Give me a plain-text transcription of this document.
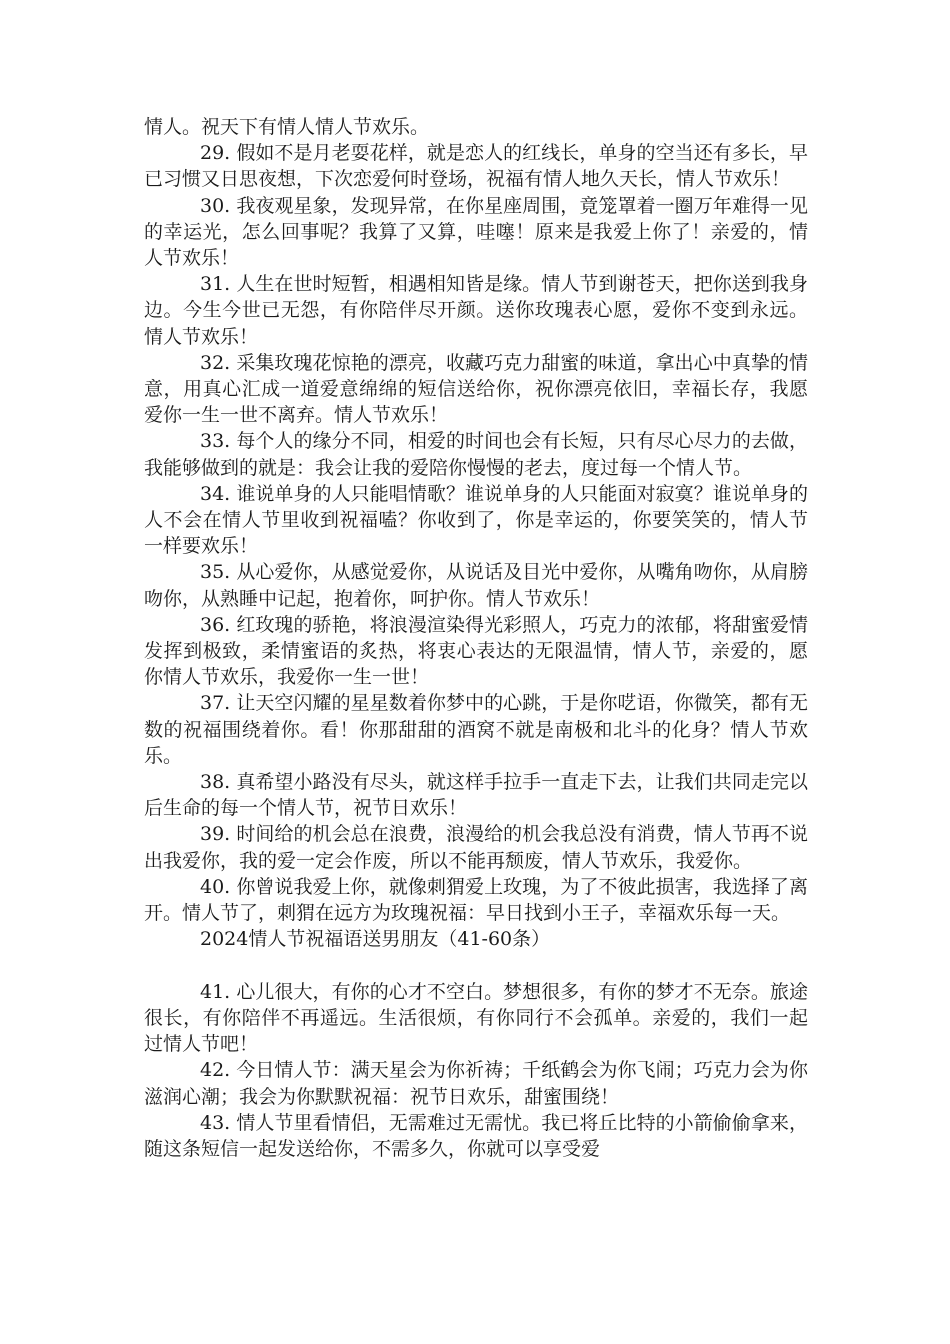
情人。祝天下有情人情人节欢乐。

29. 假如不是月老耍花样，就是恋人的红线长，单身的空当还有多长，早已习惯又日思夜想，下次恋爱何时登场，祝福有情人地久天长，情人节欢乐！

30. 我夜观星象，发现异常，在你星座周围，竟笼罩着一圈万年难得一见的幸运光，怎么回事呢？我算了又算，哇噻！原来是我爱上你了！亲爱的，情人节欢乐！

31. 人生在世时短暂，相遇相知皆是缘。情人节到谢苍天，把你送到我身边。今生今世已无怨，有你陪伴尽开颜。送你玫瑰表心愿，爱你不变到永远。情人节欢乐！

32. 采集玫瑰花惊艳的漂亮，收藏巧克力甜蜜的味道，拿出心中真挚的情意，用真心汇成一道爱意绵绵的短信送给你，祝你漂亮依旧，幸福长存，我愿爱你一生一世不离弃。情人节欢乐！

33. 每个人的缘分不同，相爱的时间也会有长短，只有尽心尽力的去做，我能够做到的就是：我会让我的爱陪你慢慢的老去，度过每一个情人节。

34. 谁说单身的人只能唱情歌？谁说单身的人只能面对寂寞？谁说单身的人不会在情人节里收到祝福嗑？你收到了，你是幸运的，你要笑笑的，情人节一样要欢乐！

35. 从心爱你，从感觉爱你，从说话及目光中爱你，从嘴角吻你，从肩膀吻你，从熟睡中记起，抱着你，呵护你。情人节欢乐！

36. 红玫瑰的骄艳，将浪漫渲染得光彩照人，巧克力的浓郁，将甜蜜爱情发挥到极致，柔情蜜语的炙热，将衷心表达的无限温情，情人节，亲爱的，愿你情人节欢乐，我爱你一生一世！

37. 让天空闪耀的星星数着你梦中的心跳，于是你呓语，你微笑，都有无数的祝福围绕着你。看！你那甜甜的酒窝不就是南极和北斗的化身？情人节欢乐。

38. 真希望小路没有尽头，就这样手拉手一直走下去，让我们共同走完以后生命的每一个情人节，祝节日欢乐！

39. 时间给的机会总在浪费，浪漫给的机会我总没有消费，情人节再不说出我爱你，我的爱一定会作废，所以不能再颓废，情人节欢乐，我爱你。

40. 你曾说我爱上你，就像刺猬爱上玫瑰，为了不彼此损害，我选择了离开。情人节了，刺猬在远方为玫瑰祝福：早日找到小王子，幸福欢乐每一天。

2024情人节祝福语送男朋友（41-60条）

41. 心儿很大，有你的心才不空白。梦想很多，有你的梦才不无奈。旅途很长，有你陪伴不再遥远。生活很烦，有你同行不会孤单。亲爱的，我们一起过情人节吧！

42. 今日情人节：满天星会为你祈祷；千纸鹤会为你飞闹；巧克力会为你滋润心潮；我会为你默默祝福：祝节日欢乐，甜蜜围绕！

43. 情人节里看情侣，无需难过无需忧。我已将丘比特的小箭偷偷拿来，随这条短信一起发送给你，不需多久，你就可以享受爱
